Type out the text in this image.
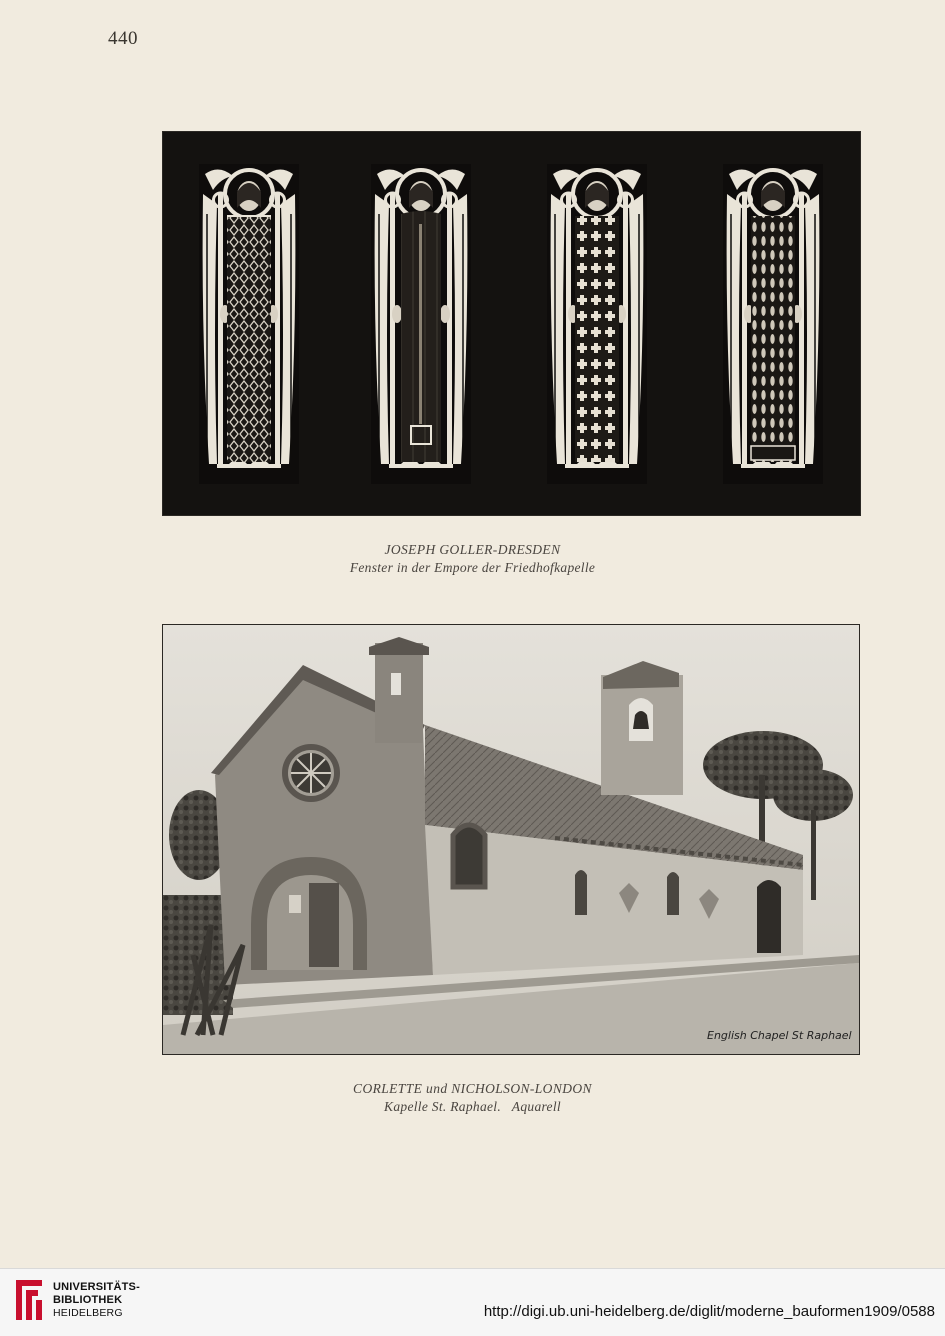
440
JOSEPH GOLLER-DRESDEN
Fenster in der Empore der Friedhofkapelle
English Chapel St Raphael
CORLETTE und NICHOLSON-LONDON
Kapelle St. Raphael.   Aquarell
UNIVERSITÄTS-
BIBLIOTHEK
HEIDELBERG	http://digi.ub.uni-heidelberg.de/diglit/moderne_bauformen1909/0588
